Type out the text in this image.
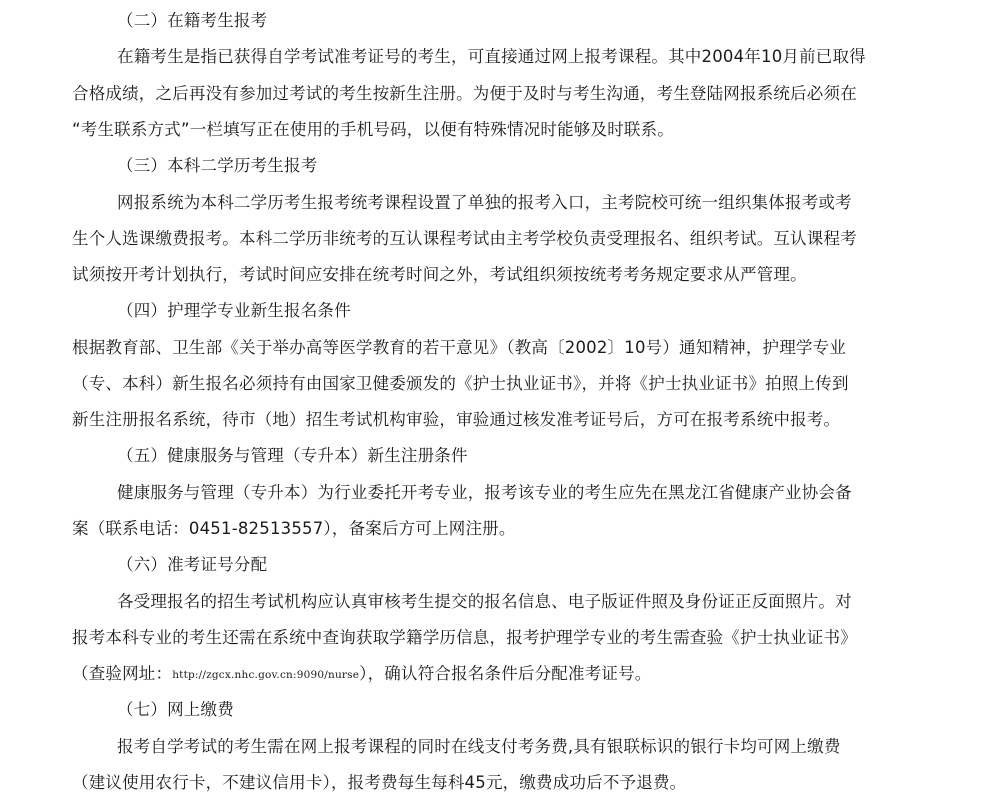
（二）在籍考生报考
在籍考生是指已获得自学考试准考证号的考生，可直接通过网上报考课程。其中2004年10月前已取得
合格成绩，之后再没有参加过考试的考生按新生注册。为便于及时与考生沟通，考生登陆网报系统后必须在
“考生联系方式”一栏填写正在使用的手机号码，以便有特殊情况时能够及时联系。
（三）本科二学历考生报考
网报系统为本科二学历考生报考统考课程设置了单独的报考入口，主考院校可统一组织集体报考或考
生个人选课缴费报考。本科二学历非统考的互认课程考试由主考学校负责受理报名、组织考试。互认课程考
试须按开考计划执行，考试时间应安排在统考时间之外，考试组织须按统考考务规定要求从严管理。
（四）护理学专业新生报名条件
根据教育部、卫生部《关于举办高等医学教育的若干意见》（教高〔2002〕10号）通知精神，护理学专业
（专、本科）新生报名必须持有由国家卫健委颁发的《护士执业证书》，并将《护士执业证书》拍照上传到
新生注册报名系统，待市（地）招生考试机构审验，审验通过核发准考证号后，方可在报考系统中报考。
（五）健康服务与管理（专升本）新生注册条件
健康服务与管理（专升本）为行业委托开考专业，报考该专业的考生应先在黑龙江省健康产业协会备
案（联系电话：0451-82513557），备案后方可上网注册。
（六）准考证号分配
各受理报名的招生考试机构应认真审核考生提交的报名信息、电子版证件照及身份证正反面照片。对
报考本科专业的考生还需在系统中查询获取学籍学历信息，报考护理学专业的考生需查验《护士执业证书》
（查验网址：http://zgcx.nhc.gov.cn:9090/nurse），确认符合报名条件后分配准考证号。
（七）网上缴费
报考自学考试的考生需在网上报考课程的同时在线支付考务费,具有银联标识的银行卡均可网上缴费
（建议使用农行卡，不建议信用卡），报考费每生每科45元，缴费成功后不予退费。
